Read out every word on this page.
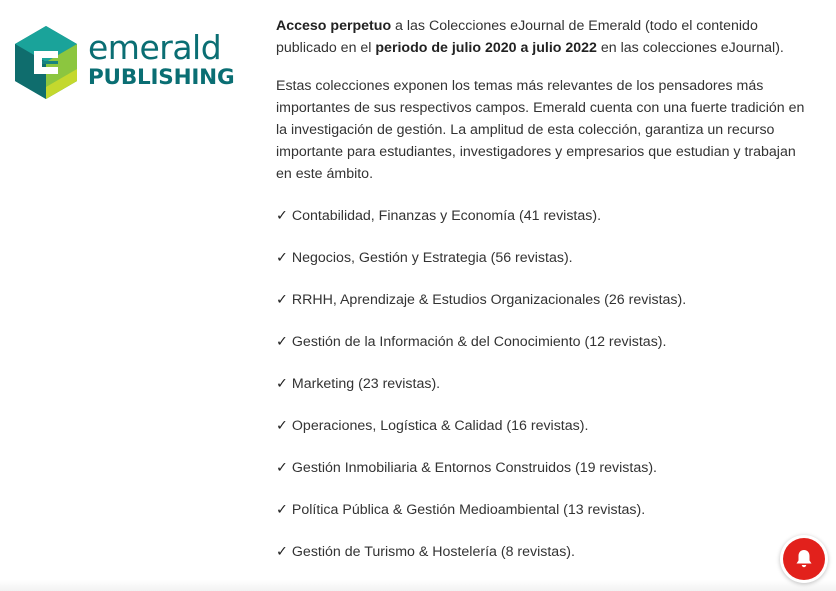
emerald
PUBLISHING

Acceso perpetuo a las Colecciones eJournal de Emerald (todo el contenido publicado en el periodo de julio 2020 a julio 2022 en las colecciones eJournal).

Estas colecciones exponen los temas más relevantes de los pensadores más importantes de sus respectivos campos. Emerald cuenta con una fuerte tradición en la investigación de gestión. La amplitud de esta colección, garantiza un recurso importante para estudiantes, investigadores y empresarios que estudian y trabajan en este ámbito.

✓ Contabilidad, Finanzas y Economía (41 revistas).
✓ Negocios, Gestión y Estrategia (56 revistas).
✓ RRHH, Aprendizaje & Estudios Organizacionales (26 revistas).
✓ Gestión de la Información & del Conocimiento (12 revistas).
✓ Marketing (23 revistas).
✓ Operaciones, Logística & Calidad (16 revistas).
✓ Gestión Inmobiliaria & Entornos Construidos (19 revistas).
✓ Política Pública & Gestión Medioambiental (13 revistas).
✓ Gestión de Turismo & Hostelería (8 revistas).
